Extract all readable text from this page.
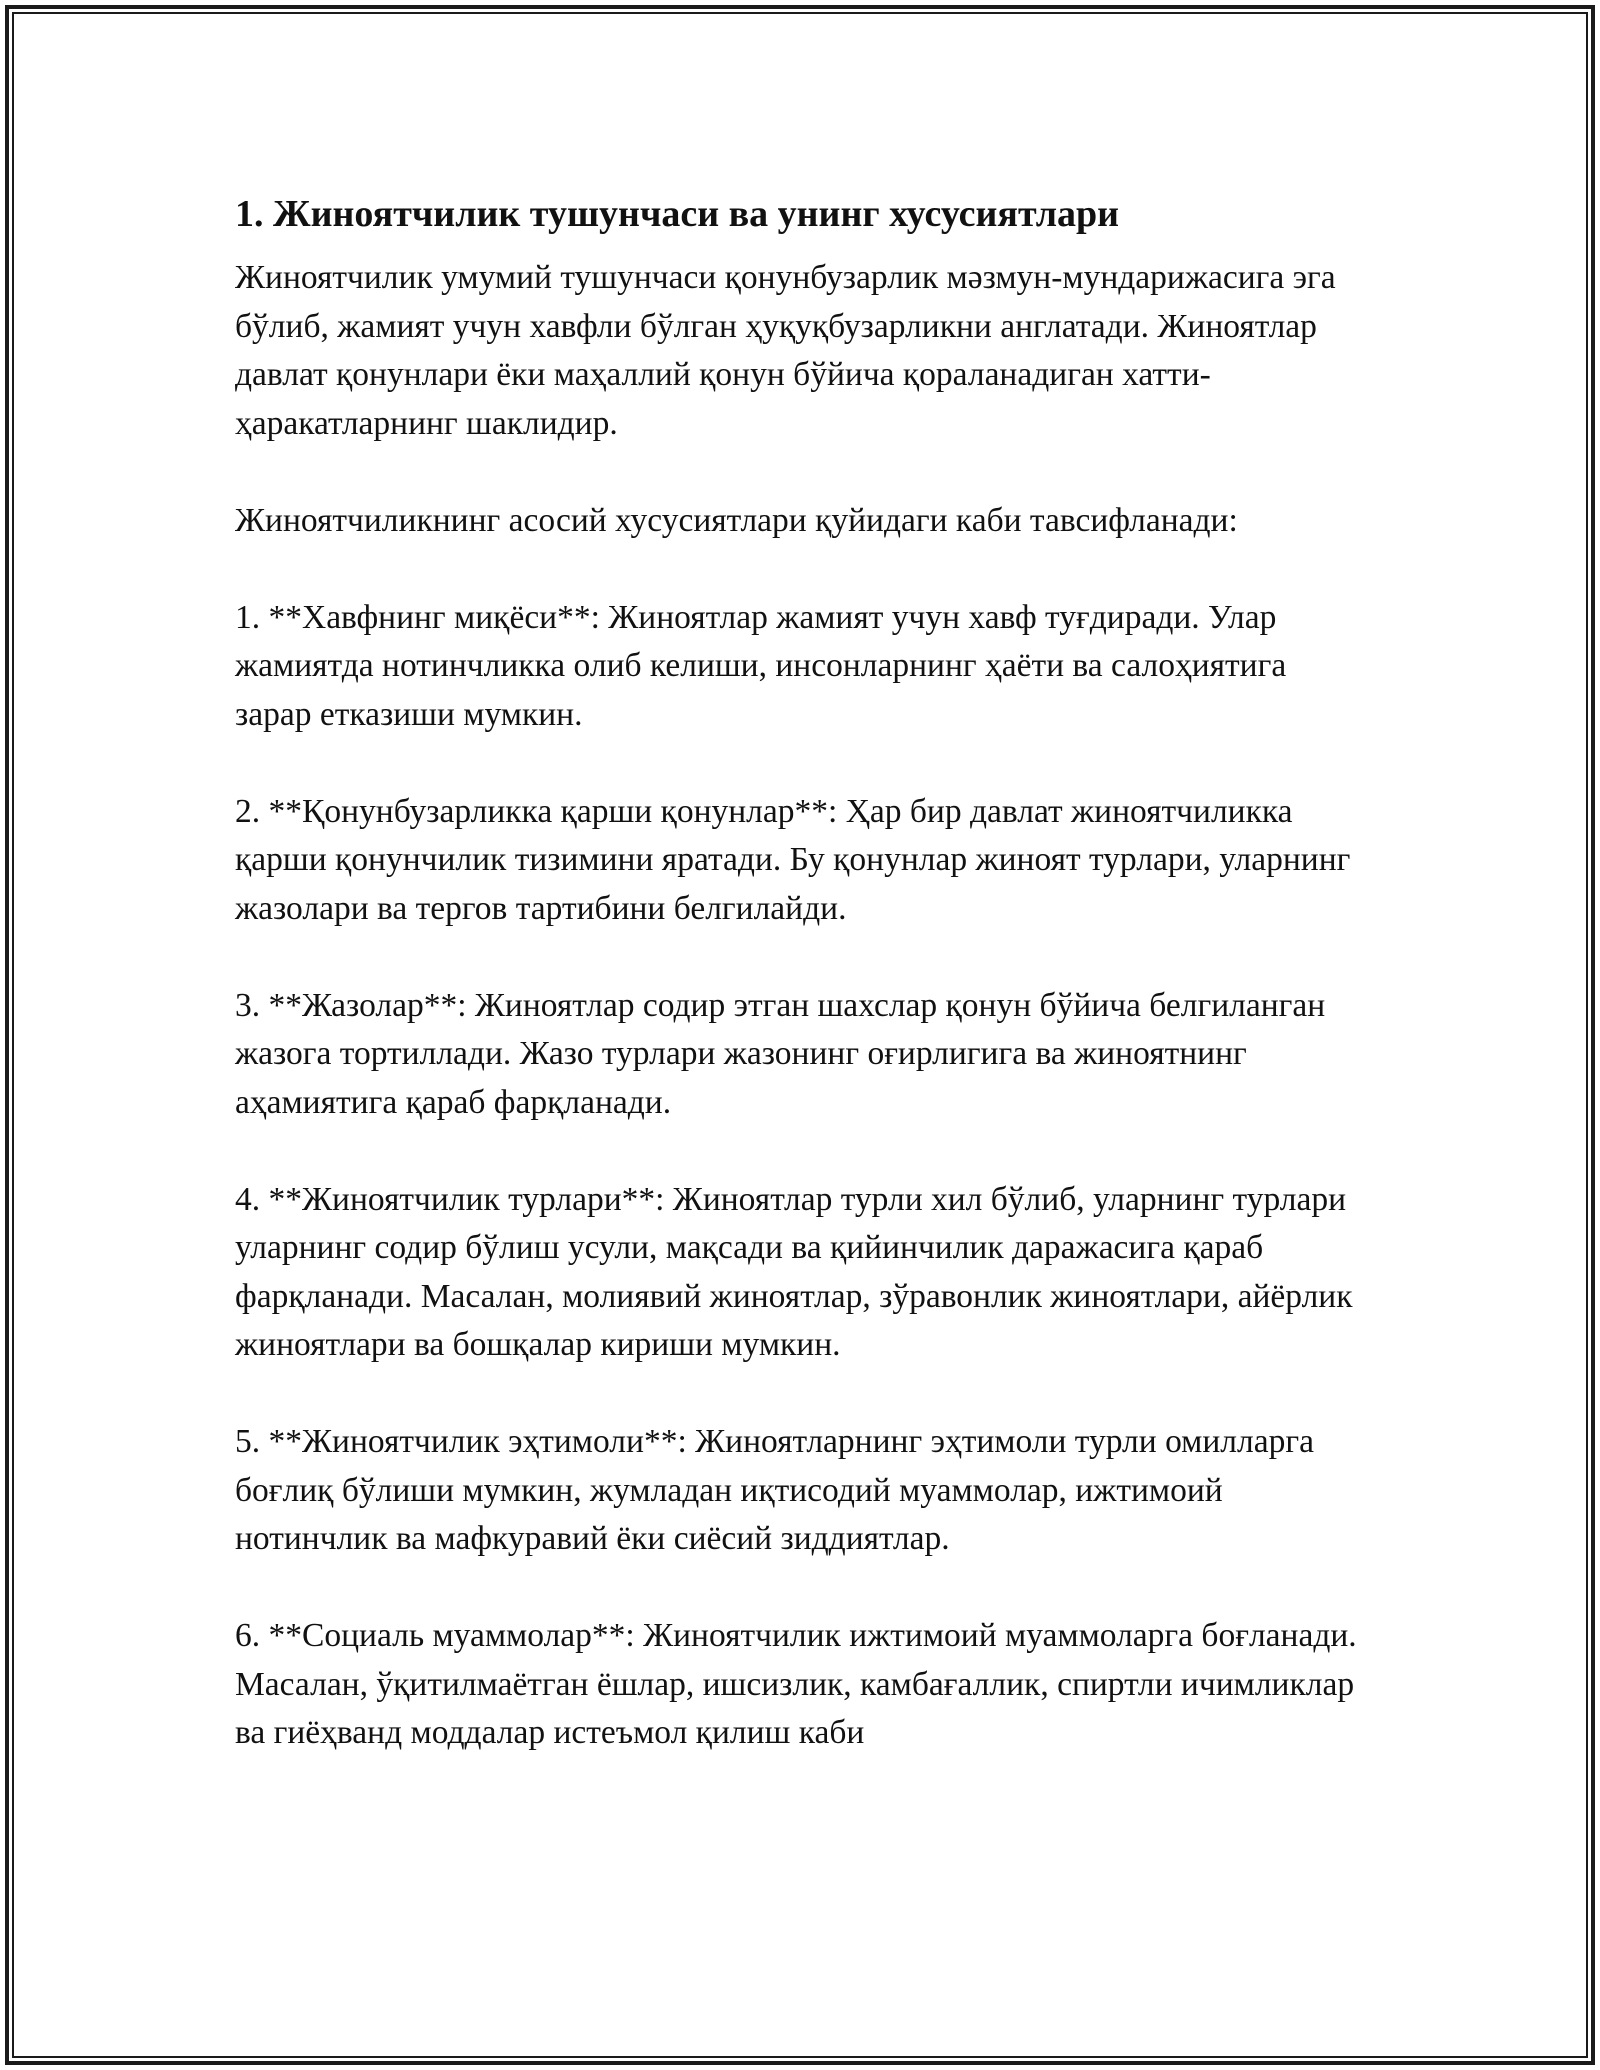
1. Жиноятчилик тушунчаси ва унинг хусусиятлари

Жиноятчилик умумий тушунчаси қонунбузарлик мәзмун-мундарижасига эга бўлиб, жамият учун хавфли бўлган ҳуқуқбузарликни англатади. Жиноятлар давлат қонунлари ёки маҳаллий қонун бўйича қораланадиган хатти-ҳаракатларнинг шаклидир.

Жиноятчиликнинг асосий хусусиятлари қуйидаги каби тавсифланади:

1. **Хавфнинг миқёси**: Жиноятлар жамият учун хавф туғдиради. Улар жамиятда нотинчликка олиб келиши, инсонларнинг ҳаёти ва салоҳиятига зарар етказиши мумкин.

2. **Қонунбузарликка қарши қонунлар**: Ҳар бир давлат жиноятчиликка қарши қонунчилик тизимини яратади. Бу қонунлар жиноят турлари, уларнинг жазолари ва тергов тартибини белгилайди.

3. **Жазолар**: Жиноятлар содир этган шахслар қонун бўйича белгиланган жазога тортиллади. Жазо турлари жазонинг оғирлигига ва жиноятнинг аҳамиятига қараб фарқланади.

4. **Жиноятчилик турлари**: Жиноятлар турли хил бўлиб, уларнинг турлари уларнинг содир бўлиш усули, мақсади ва қийинчилик даражасига қараб фарқланади. Масалан, молиявий жиноятлар, зўравонлик жиноятлари, айёрлик жиноятлари ва бошқалар кириши мумкин.

5. **Жиноятчилик эҳтимоли**: Жиноятларнинг эҳтимоли турли омилларга боғлиқ бўлиши мумкин, жумладан иқтисодий муаммолар, ижтимоий нотинчлик ва мафкуравий ёки сиёсий зиддиятлар.

6. **Социаль муаммолар**: Жиноятчилик ижтимоий муаммоларга боғланади. Масалан, ўқитилмаётган ёшлар, ишсизлик, камбағаллик, спиртли ичимликлар ва гиёҳванд моддалар истеъмол қилиш каби
